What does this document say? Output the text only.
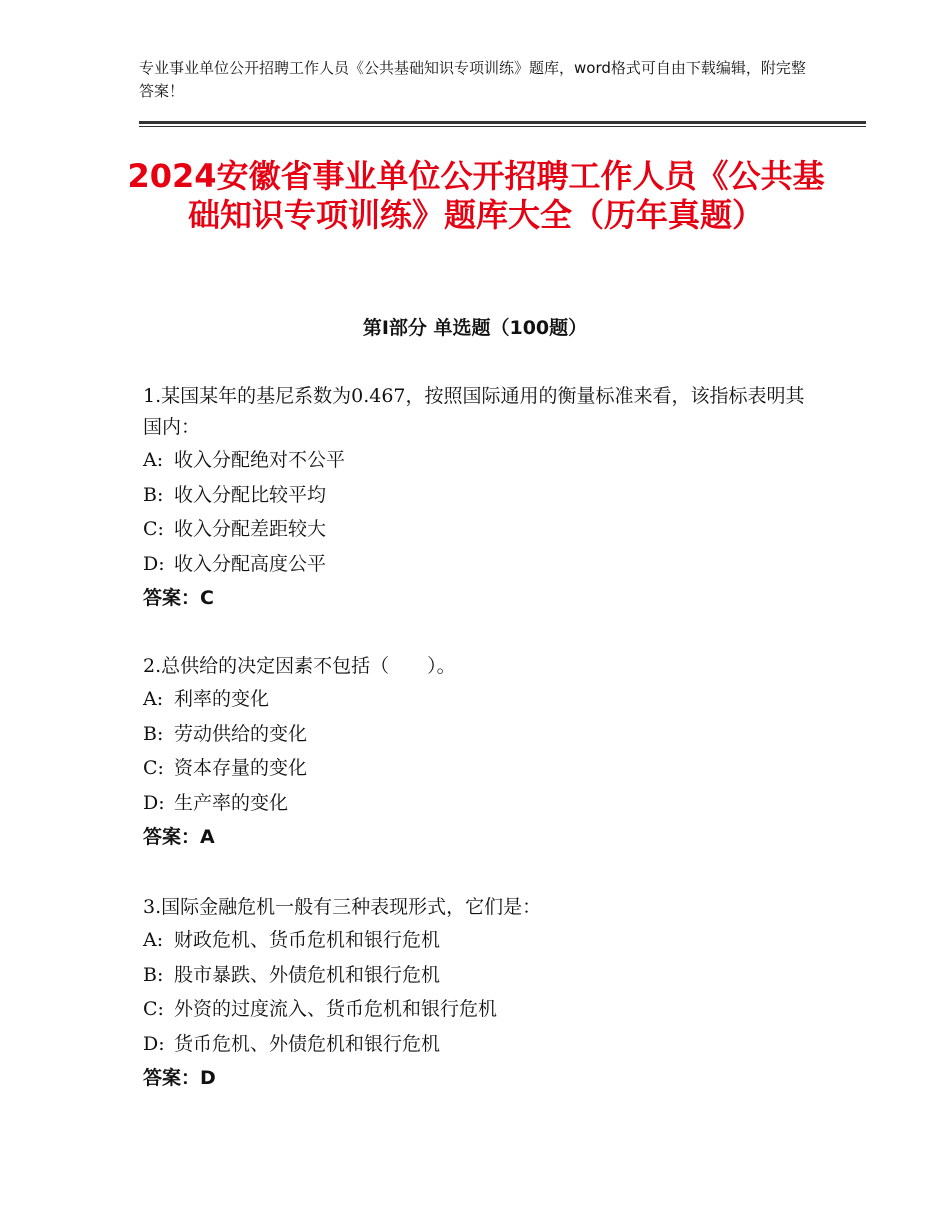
专业事业单位公开招聘工作人员《公共基础知识专项训练》题库，word格式可自由下载编辑，附完整答案！
2024安徽省事业单位公开招聘工作人员《公共基础知识专项训练》题库大全（历年真题）
第I部分 单选题（100题）

1.某国某年的基尼系数为0.467，按照国际通用的衡量标准来看，该指标表明其国内：

A: 收入分配绝对不公平

B: 收入分配比较平均

C: 收入分配差距较大

D: 收入分配高度公平

答案：C

2.总供给的决定因素不包括（　　）。

A: 利率的变化

B: 劳动供给的变化

C: 资本存量的变化

D: 生产率的变化

答案：A

3.国际金融危机一般有三种表现形式，它们是：

A: 财政危机、货币危机和银行危机

B: 股市暴跌、外债危机和银行危机

C: 外资的过度流入、货币危机和银行危机

D: 货币危机、外债危机和银行危机

答案：D
